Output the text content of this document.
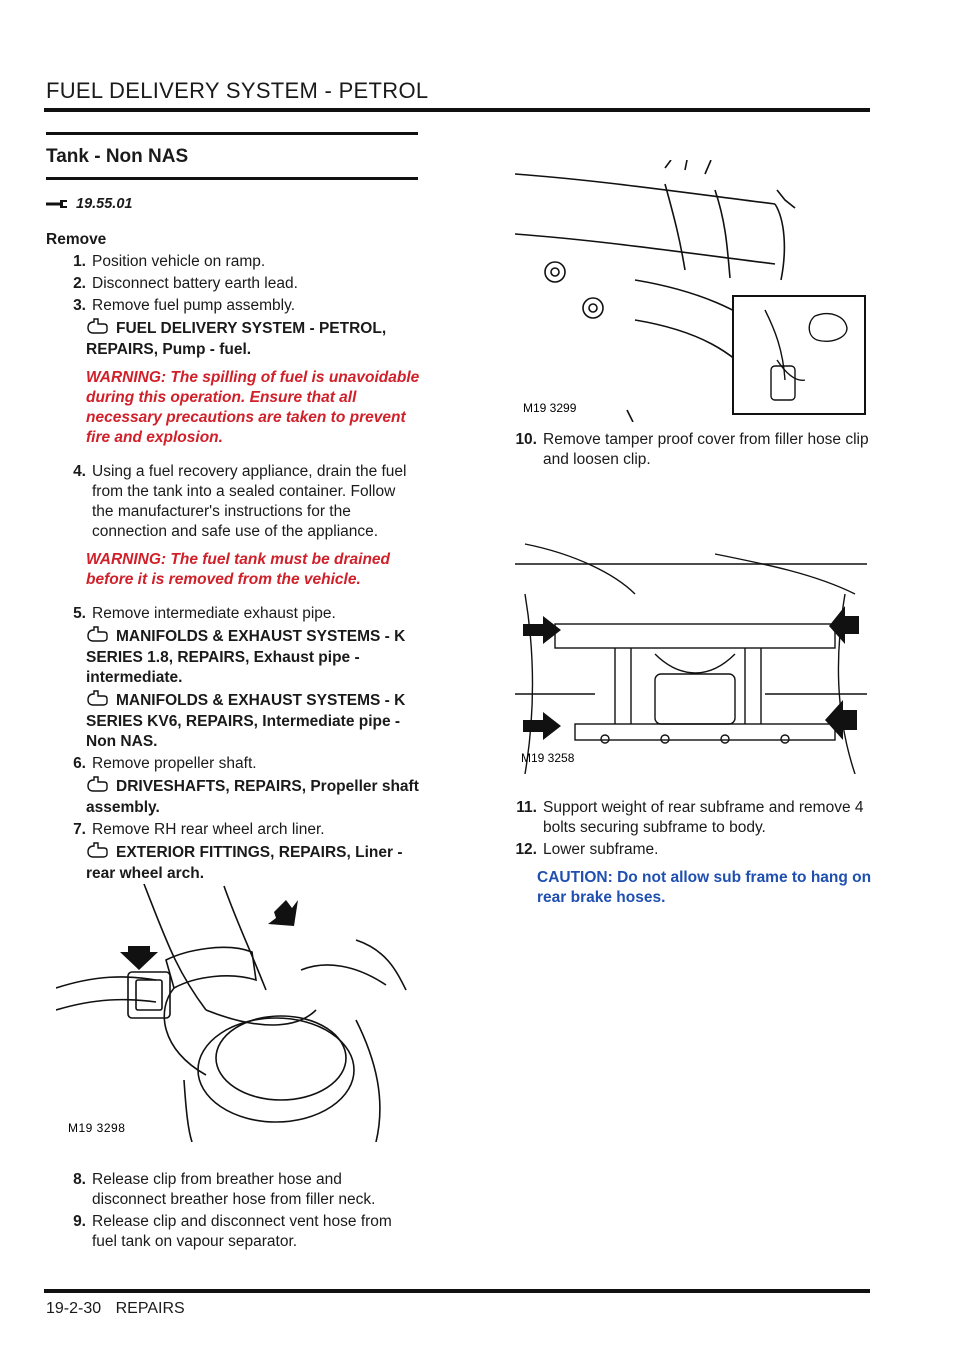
FUEL DELIVERY SYSTEM - PETROL
Tank - Non NAS
19.55.01
Remove
1. Position vehicle on ramp.
2. Disconnect battery earth lead.
3. Remove fuel pump assembly.
FUEL DELIVERY SYSTEM - PETROL, REPAIRS, Pump - fuel.
WARNING: The spilling of fuel is unavoidable during this operation. Ensure that all necessary precautions are taken to prevent fire and explosion.
4. Using a fuel recovery appliance, drain the fuel from the tank into a sealed container. Follow the manufacturer's instructions for the connection and safe use of the appliance.
WARNING: The fuel tank must be drained before it is removed from the vehicle.
5. Remove intermediate exhaust pipe.
MANIFOLDS & EXHAUST SYSTEMS - K SERIES 1.8, REPAIRS, Exhaust pipe - intermediate.
MANIFOLDS & EXHAUST SYSTEMS - K SERIES KV6, REPAIRS, Intermediate pipe - Non NAS.
6. Remove propeller shaft.
DRIVESHAFTS, REPAIRS, Propeller shaft assembly.
7. Remove RH rear wheel arch liner.
EXTERIOR FITTINGS, REPAIRS, Liner - rear wheel arch.
M19 3298
8. Release clip from breather hose and disconnect breather hose from filler neck.
9. Release clip and disconnect vent hose from fuel tank on vapour separator.
M19 3299
10. Remove tamper proof cover from filler hose clip and loosen clip.
M19 3258
11. Support weight of rear subframe and remove 4 bolts securing subframe to body.
12. Lower subframe.
CAUTION: Do not allow sub frame to hang on rear brake hoses.
19-2-30 REPAIRS
